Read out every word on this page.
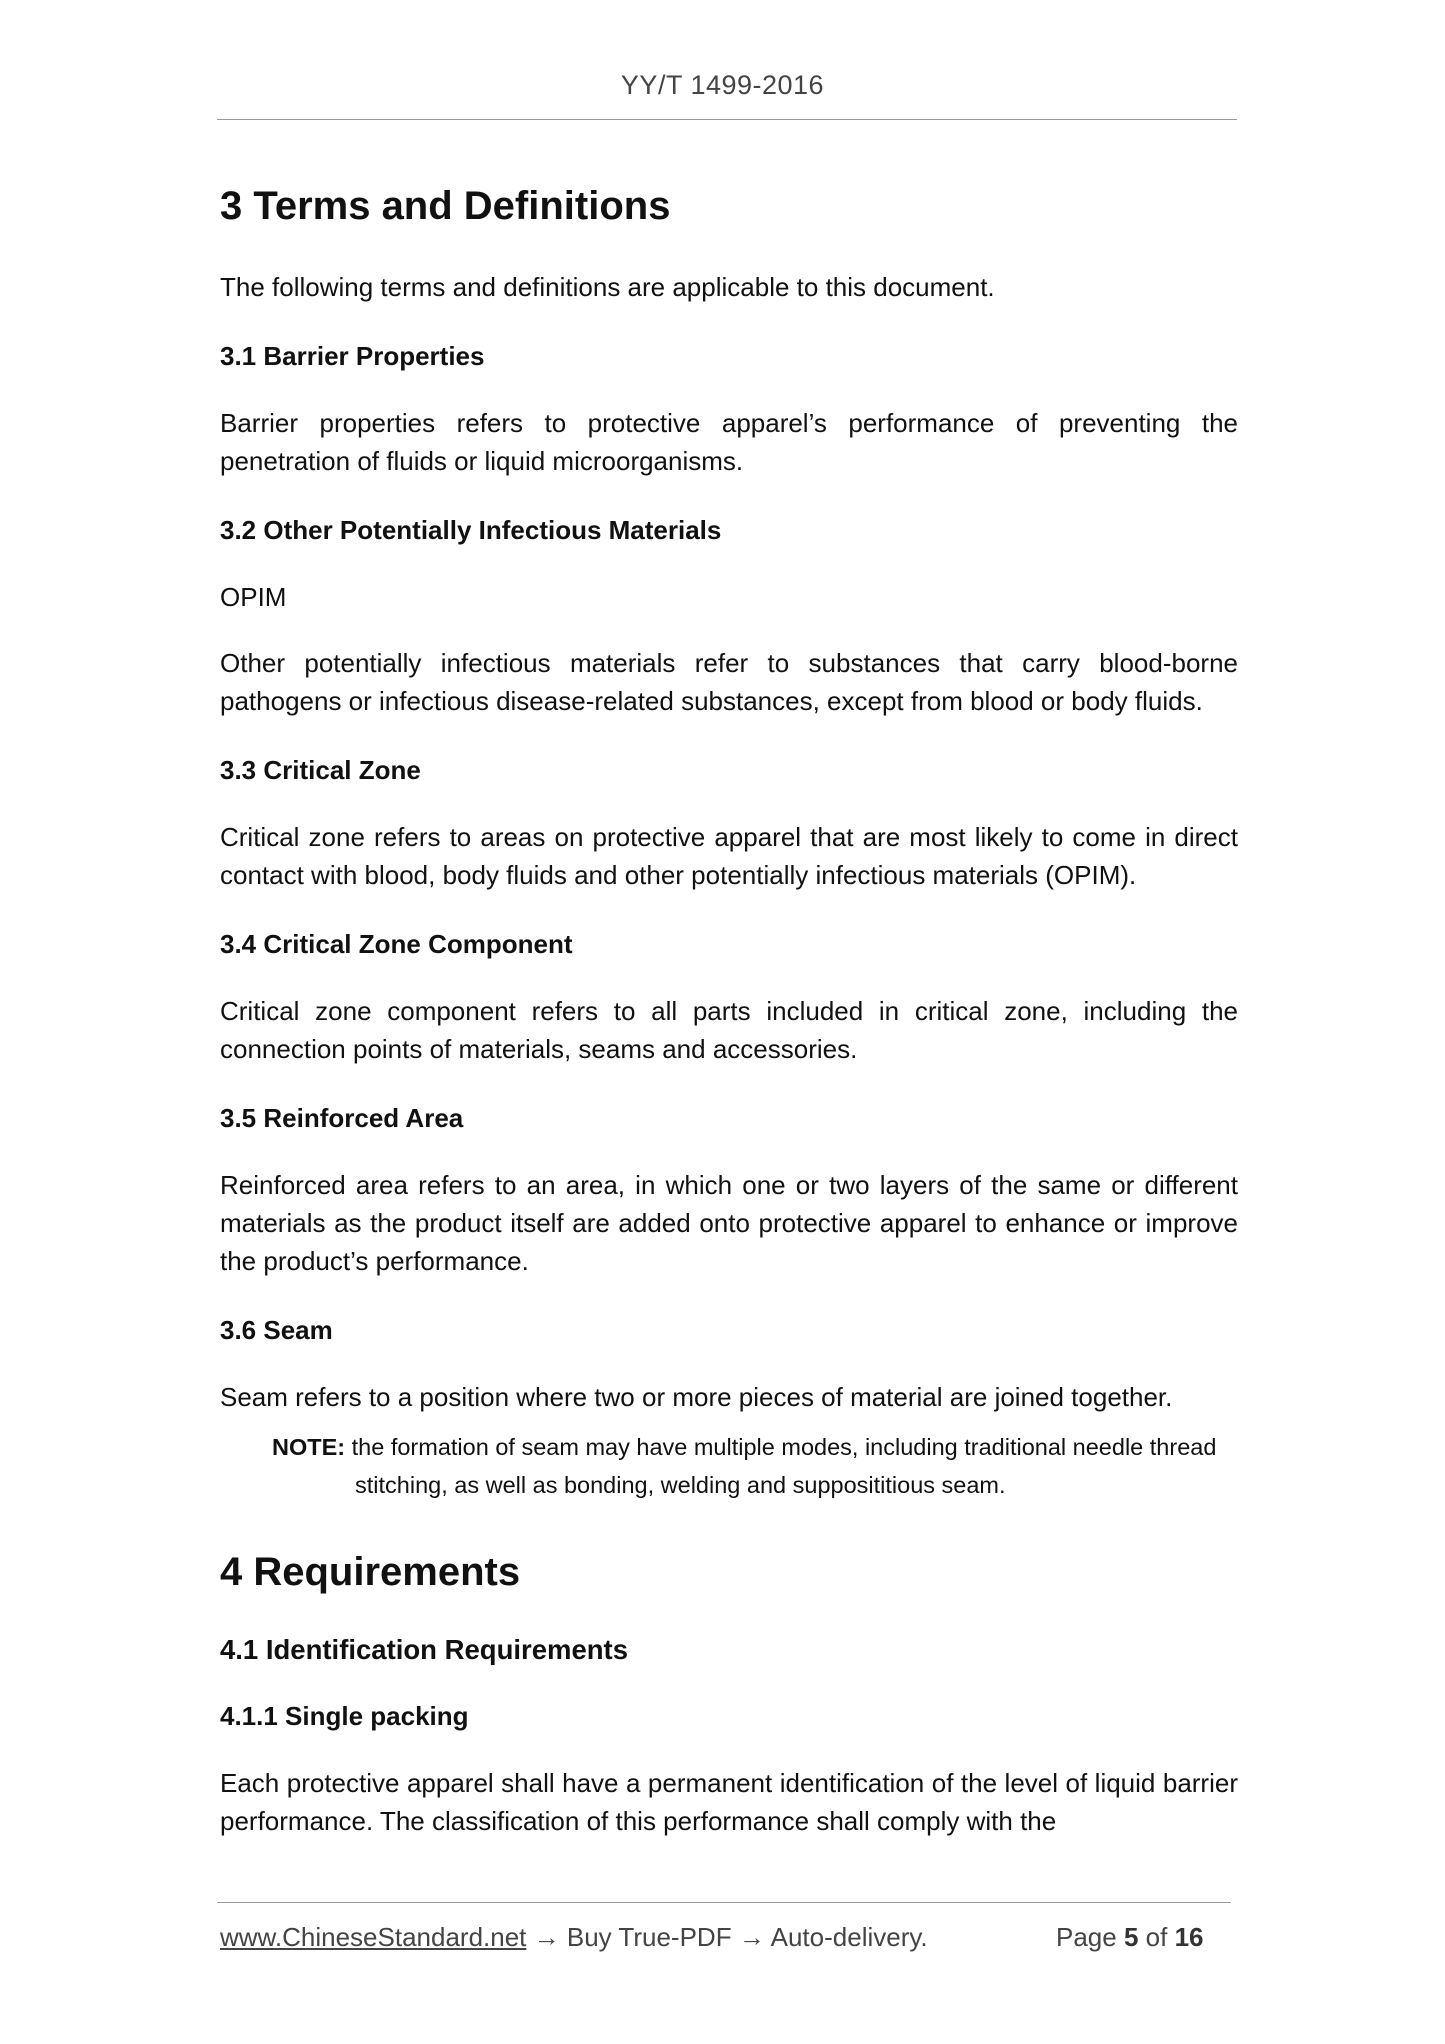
YY/T 1499-2016
3 Terms and Definitions

The following terms and definitions are applicable to this document.

3.1 Barrier Properties

Barrier properties refers to protective apparel’s performance of preventing the penetration of fluids or liquid microorganisms.

3.2 Other Potentially Infectious Materials

OPIM

Other potentially infectious materials refer to substances that carry blood-borne pathogens or infectious disease-related substances, except from blood or body fluids.

3.3 Critical Zone

Critical zone refers to areas on protective apparel that are most likely to come in direct contact with blood, body fluids and other potentially infectious materials (OPIM).

3.4 Critical Zone Component

Critical zone component refers to all parts included in critical zone, including the connection points of materials, seams and accessories.

3.5 Reinforced Area

Reinforced area refers to an area, in which one or two layers of the same or different materials as the product itself are added onto protective apparel to enhance or improve the product’s performance.

3.6 Seam

Seam refers to a position where two or more pieces of material are joined together.

NOTE: the formation of seam may have multiple modes, including traditional needle thread
stitching, as well as bonding, welding and supposititious seam.
4 Requirements
4.1 Identification Requirements
4.1.1 Single packing

Each protective apparel shall have a permanent identification of the level of liquid barrier performance. The classification of this performance shall comply with the

www.ChineseStandard.net → Buy True-PDF → Auto-delivery.	Page 5 of 16
